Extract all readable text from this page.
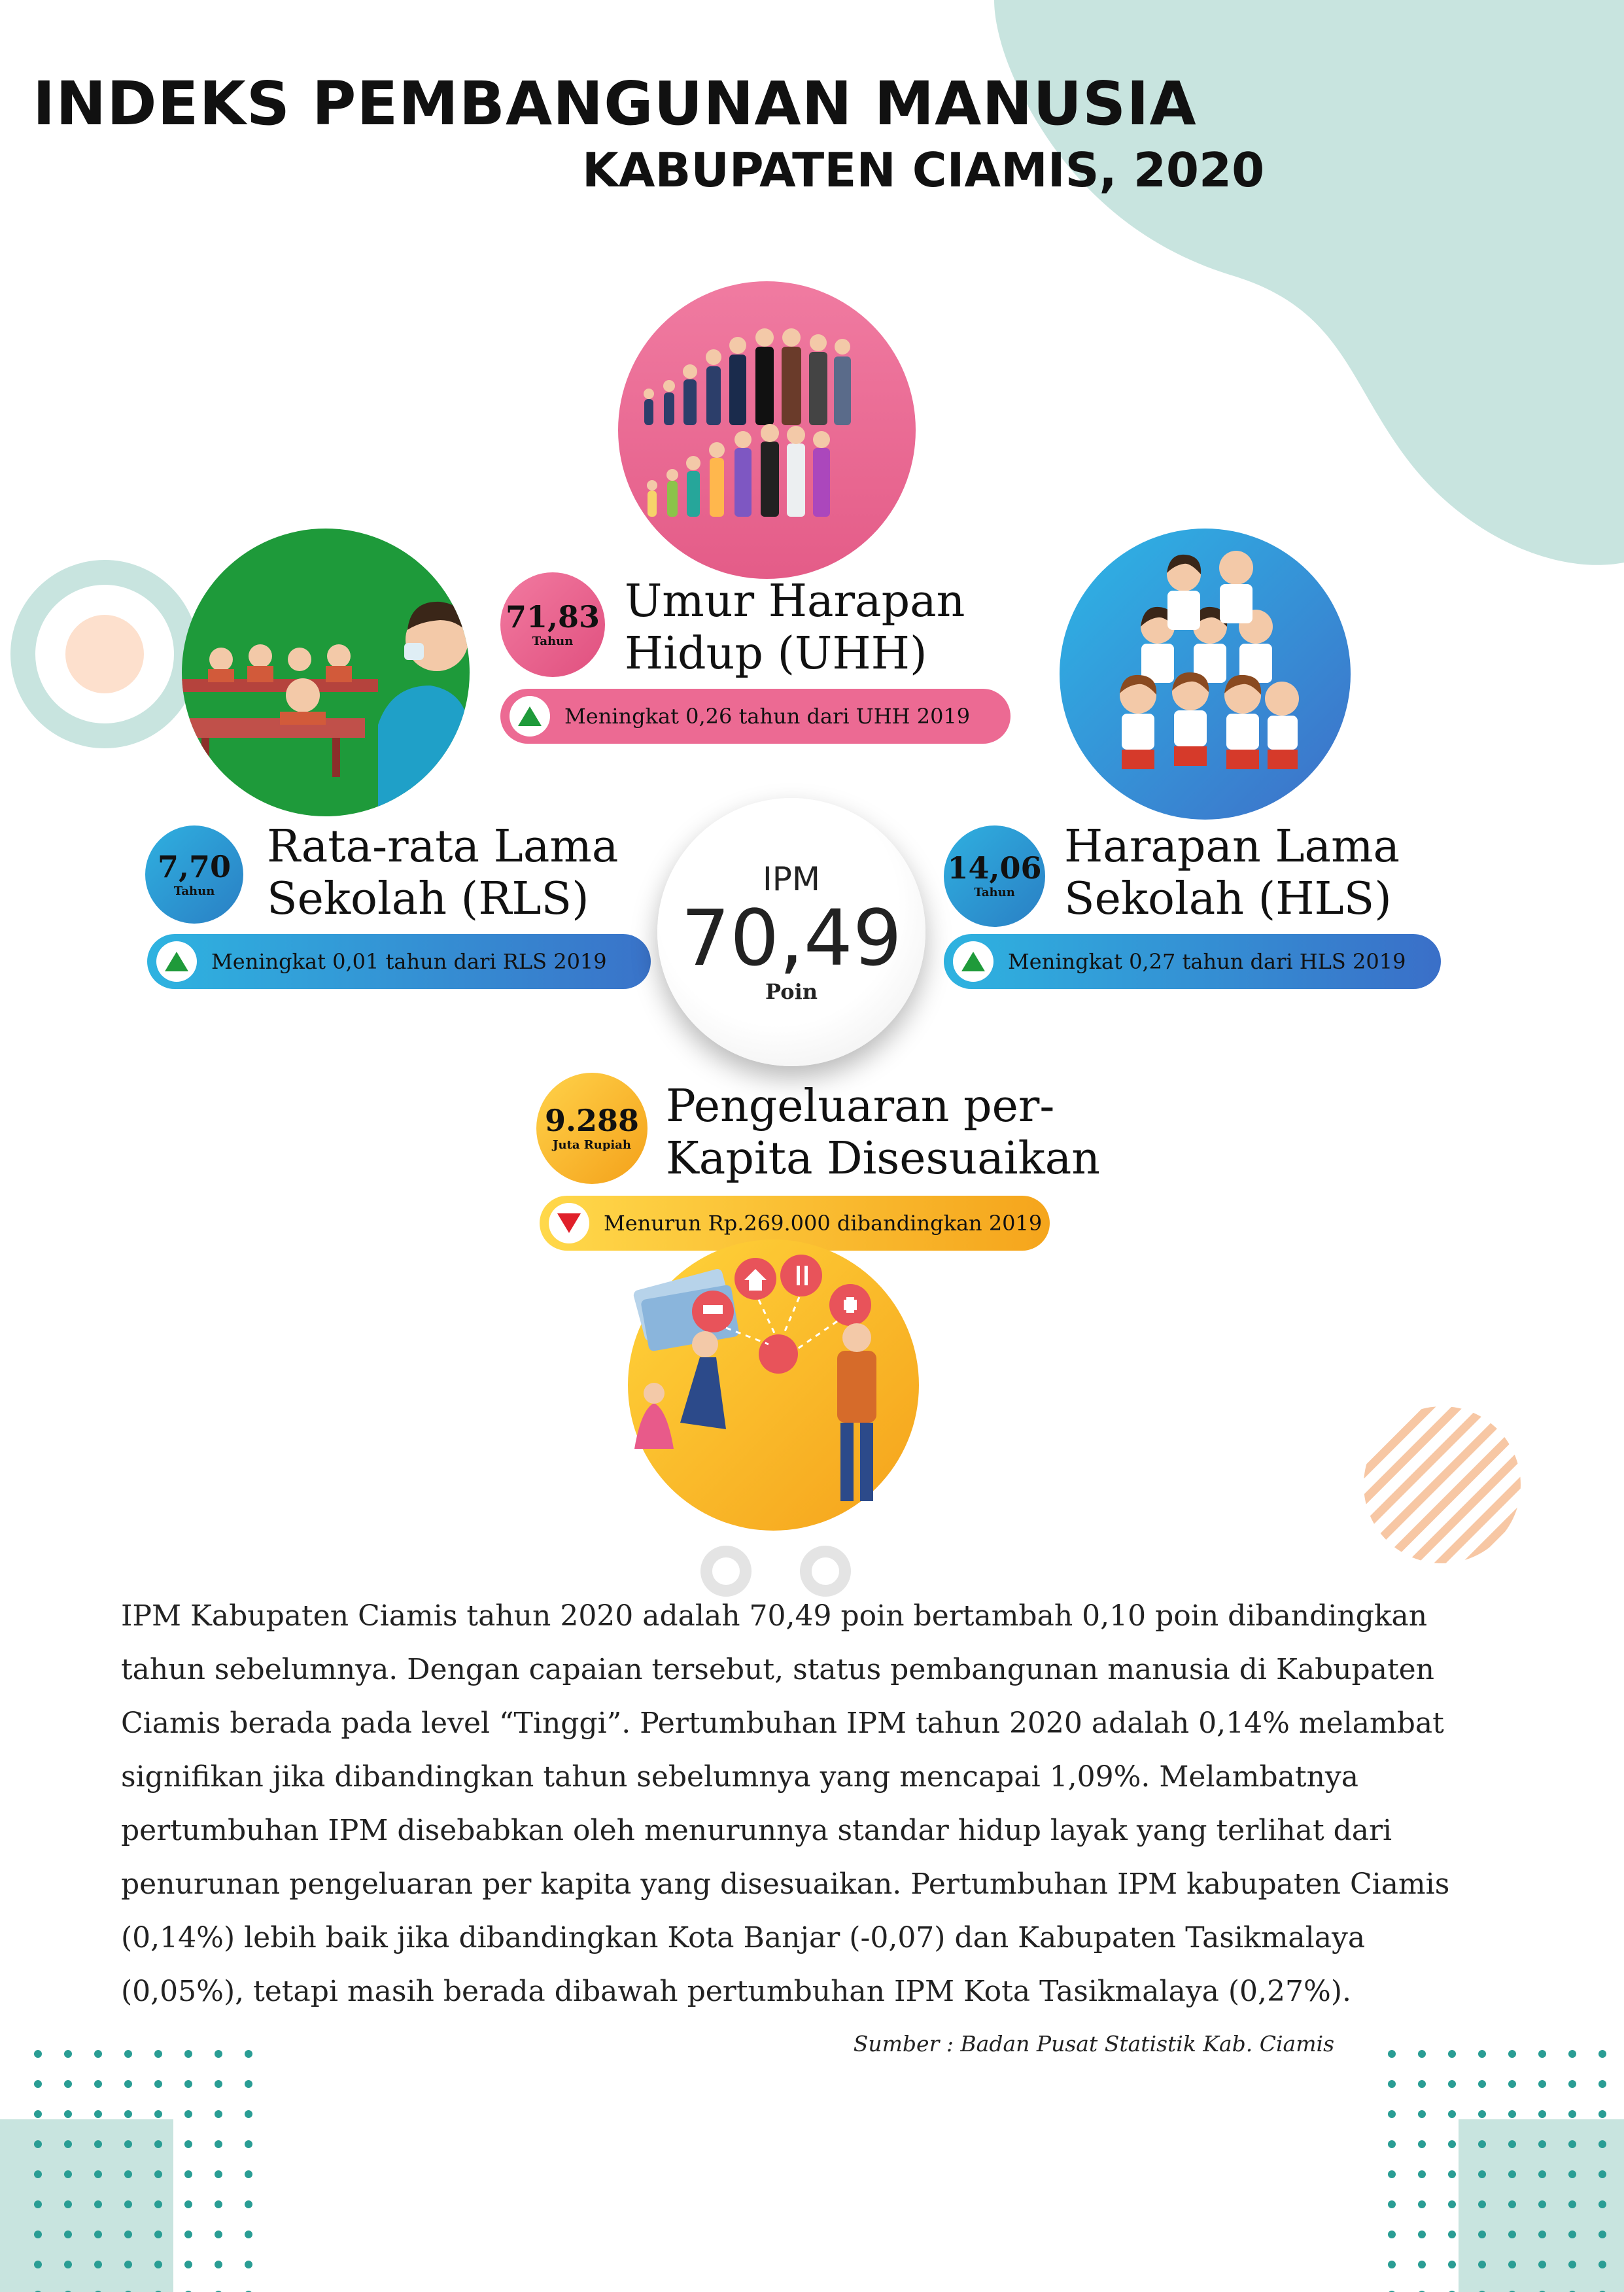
INDEKS PEMBANGUNAN MANUSIA
KABUPATEN CIAMIS, 2020
71,83
Tahun
Umur Harapan
Hidup (UHH)
Meningkat 0,26 tahun dari UHH 2019
7,70
Tahun
Rata-rata Lama
Sekolah (RLS)
Meningkat 0,01 tahun dari RLS 2019
14,06
Tahun
Harapan Lama
Sekolah (HLS)
Meningkat 0,27 tahun dari HLS 2019
IPM
70,49
Poin
9.288
Juta Rupiah
Pengeluaran per-
Kapita Disesuaikan
Menurun Rp.269.000 dibandingkan 2019
IPM Kabupaten Ciamis tahun 2020 adalah 70,49 poin bertambah 0,10 poin dibandingkan tahun sebelumnya. Dengan capaian tersebut, status pembangunan manusia di Kabupaten Ciamis berada pada level “Tinggi”. Pertumbuhan IPM tahun 2020 adalah 0,14% melambat signifikan jika dibandingkan tahun sebelumnya yang mencapai 1,09%. Melambatnya pertumbuhan IPM disebabkan oleh menurunnya standar hidup layak yang terlihat dari penurunan pengeluaran per kapita yang disesuaikan. Pertumbuhan IPM kabupaten Ciamis (0,14%) lebih baik jika dibandingkan Kota Banjar (-0,07) dan Kabupaten Tasikmalaya (0,05%), tetapi masih berada dibawah pertumbuhan IPM Kota Tasikmalaya (0,27%).
Sumber : Badan Pusat Statistik Kab. Ciamis
